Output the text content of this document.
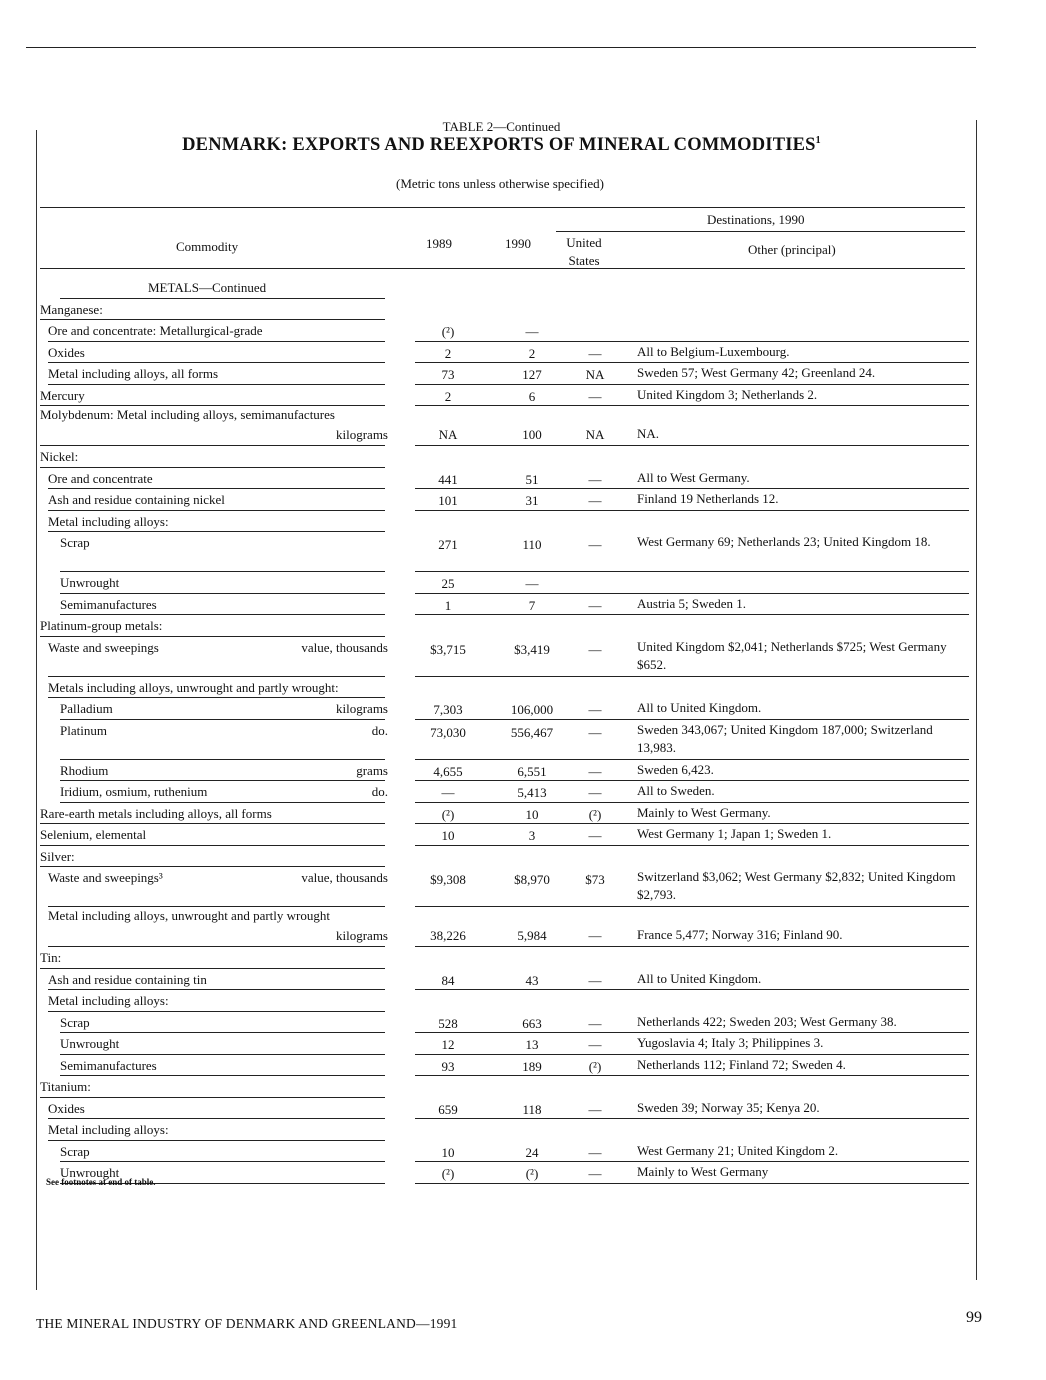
TABLE 2—Continued
DENMARK: EXPORTS AND REEXPORTS OF MINERAL COMMODITIES$^1$
(Metric tons unless otherwise specified)
Destinations, 1990
Commodity	1989	1990	United States
Other (principal)
METALS—Continued
Manganese:
Ore and concentrate: Metallurgical-grade	(²)	—
Oxides	2	2	—	All to Belgium-Luxembourg.
Metal including alloys, all forms	73	127	NA	Sweden 57; West Germany 42; Greenland 24.
Mercury	2	6	—	United Kingdom 3; Netherlands 2.
Molybdenum: Metal including alloys, semimanufactures
kilograms	NA	100	NA	NA.
Nickel:
Ore and concentrate	441	51	—	All to West Germany.
Ash and residue containing nickel	101	31	—	Finland 19 Netherlands 12.
Metal including alloys:
Scrap	271	110	—	West Germany 69; Netherlands 23; United Kingdom 18.
Unwrought	25	—
Semimanufactures	1	7	—	Austria 5; Sweden 1.
Platinum-group metals:
Waste and sweepings	value, thousands	$3,715	$3,419	—	United Kingdom $2,041; Netherlands $725; West Germany $652.
Metals including alloys, unwrought and partly wrought:
Palladium	kilograms	7,303	106,000	—	All to United Kingdom.
Platinum	do.	73,030	556,467	—	Sweden 343,067; United Kingdom 187,000; Switzerland 13,983.
Rhodium	grams	4,655	6,551	—	Sweden 6,423.
Iridium, osmium, ruthenium	do.	—	5,413	—	All to Sweden.
Rare-earth metals including alloys, all forms	(²)	10	(²)	Mainly to West Germany.
Selenium, elemental	10	3	—	West Germany 1; Japan 1; Sweden 1.
Silver:
Waste and sweepings³	value, thousands	$9,308	$8,970	$73	Switzerland $3,062; West Germany $2,832; United Kingdom $2,793.
Metal including alloys, unwrought and partly wrought
kilograms	38,226	5,984	—	France 5,477; Norway 316; Finland 90.
Tin:
Ash and residue containing tin	84	43	—	All to United Kingdom.
Metal including alloys:
Scrap	528	663	—	Netherlands 422; Sweden 203; West Germany 38.
Unwrought	12	13	—	Yugoslavia 4; Italy 3; Philippines 3.
Semimanufactures	93	189	(²)	Netherlands 112; Finland 72; Sweden 4.
Titanium:
Oxides	659	118	—	Sweden 39; Norway 35; Kenya 20.
Metal including alloys:
Scrap	10	24	—	West Germany 21; United Kingdom 2.
Unwrought	(²)	(²)	—	Mainly to West Germany
See footnotes at end of table.
THE MINERAL INDUSTRY OF DENMARK AND GREENLAND—1991	99
